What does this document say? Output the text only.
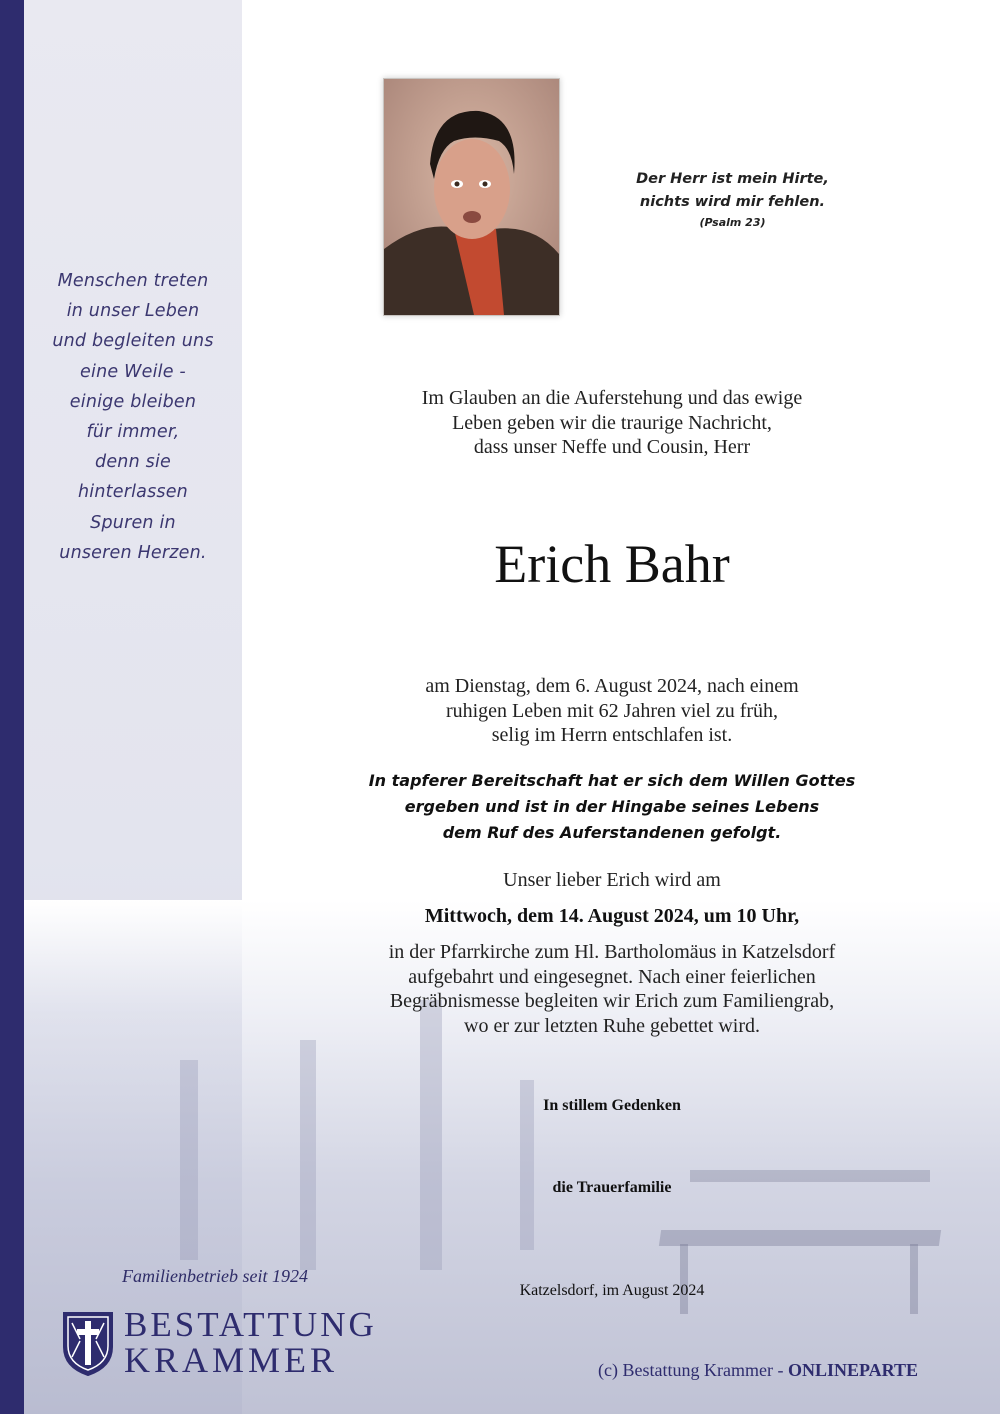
Menschen treten
in unser Leben
und begleiten uns
eine Weile -
einige bleiben
für immer,
denn sie
hinterlassen
Spuren in
unseren Herzen.
Der Herr ist mein Hirte,
nichts wird mir fehlen.
(Psalm 23)
Im Glauben an die Auferstehung und das ewige
Leben geben wir die traurige Nachricht,
dass unser Neffe und Cousin, Herr
Erich Bahr
am Dienstag, dem 6. August 2024, nach einem
ruhigen Leben mit 62 Jahren viel zu früh,
selig im Herrn entschlafen ist.
In tapferer Bereitschaft hat er sich dem Willen Gottes
ergeben und ist in der Hingabe seines Lebens
dem Ruf des Auferstandenen gefolgt.
Unser lieber Erich wird am
Mittwoch, dem 14. August 2024, um 10 Uhr,
in der Pfarrkirche zum Hl. Bartholomäus in Katzelsdorf
aufgebahrt und eingesegnet. Nach einer feierlichen
Begräbnismesse begleiten wir Erich zum Familiengrab,
wo er zur letzten Ruhe gebettet wird.
In stillem Gedenken
die Trauerfamilie
Katzelsdorf, im August 2024
Familienbetrieb seit 1924
BESTATTUNG
KRAMMER	(c) Bestattung Krammer - ONLINEPARTE
